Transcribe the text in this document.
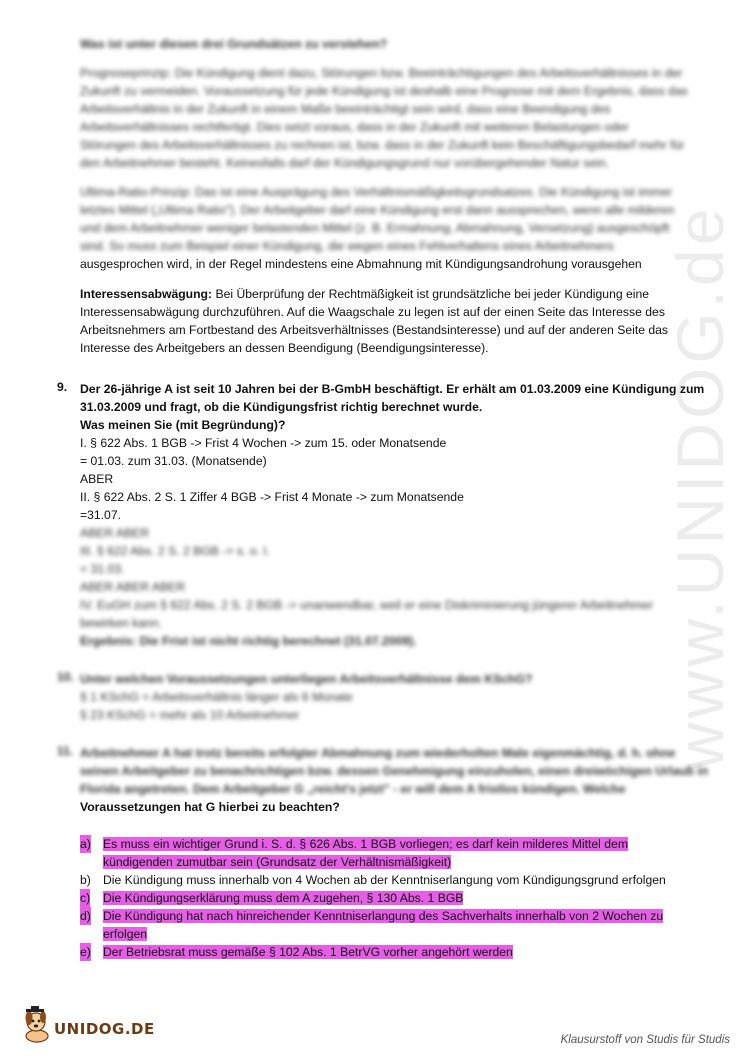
www.UNIDOG.de
Was ist unter diesen drei Grundsätzen zu verstehen?
Prognoseprinzip: Die Kündigung dient dazu, Störungen bzw. Beeinträchtigungen des Arbeitsverhältnisses in der
Zukunft zu vermeiden. Voraussetzung für jede Kündigung ist deshalb eine Prognose mit dem Ergebnis, dass das
Arbeitsverhältnis in der Zukunft in einem Maße beeinträchtigt sein wird, dass eine Beendigung des
Arbeitsverhältnisses rechtfertigt. Dies setzt voraus, dass in der Zukunft mit weiteren Belastungen oder
Störungen des Arbeitsverhältnisses zu rechnen ist, bzw. dass in der Zukunft kein Beschäftigungsbedarf mehr für
den Arbeitnehmer besteht. Keinesfalls darf der Kündigungsgrund nur vorübergehender Natur sein.
Ultima-Ratio-Prinzip: Das ist eine Ausprägung des Verhältnismäßigkeitsgrundsatzes. Die Kündigung ist immer
letztes Mittel („Ultima Ratio"). Der Arbeitgeber darf eine Kündigung erst dann aussprechen, wenn alle milderen
und dem Arbeitnehmer weniger belastenden Mittel (z. B. Ermahnung, Abmahnung, Versetzung) ausgeschöpft
sind. So muss zum Beispiel einer Kündigung, die wegen eines Fehlverhaltens eines Arbeitnehmers
ausgesprochen wird, in der Regel mindestens eine Abmahnung mit Kündigungsandrohung vorausgehen
Interessensabwägung: Bei Überprüfung der Rechtmäßigkeit ist grundsätzliche bei jeder Kündigung eine
Interessensabwägung durchzuführen. Auf die Waagschale zu legen ist auf der einen Seite das Interesse des
Arbeitsnehmers am Fortbestand des Arbeitsverhältnisses (Bestandsinteresse) und auf der anderen Seite das
Interesse des Arbeitgebers an dessen Beendigung (Beendigungsinteresse).
9. Der 26-jährige A ist seit 10 Jahren bei der B-GmbH beschäftigt. Er erhält am 01.03.2009 eine Kündigung zum
31.03.2009 und fragt, ob die Kündigungsfrist richtig berechnet wurde.
Was meinen Sie (mit Begründung)?
I. § 622 Abs. 1 BGB -> Frist 4 Wochen -> zum 15. oder Monatsende
= 01.03. zum 31.03. (Monatsende)
ABER
II. § 622 Abs. 2 S. 1 Ziffer 4 BGB -> Frist 4 Monate -> zum Monatsende
=31.07.
ABER ABER
III. § 622 Abs. 2 S. 2 BGB -> s. o. I.
= 31.03.
ABER ABER ABER
IV. EuGH zum § 622 Abs. 2 S. 2 BGB -> unanwendbar, weil er eine Diskriminierung jüngerer Arbeitnehmer
bewirken kann.
Ergebnis: Die Frist ist nicht richtig berechnet (31.07.2009).
10. Unter welchen Voraussetzungen unterliegen Arbeitsverhältnisse dem KSchG?
§ 1 KSchG = Arbeitsverhältnis länger als 6 Monate
§ 23 KSchG = mehr als 10 Arbeitnehmer
11. Arbeitnehmer A hat trotz bereits erfolgter Abmahnung zum wiederholten Male eigenmächtig, d. h. ohne
seinen Arbeitgeber zu benachrichtigen bzw. dessen Genehmigung einzuholen, einen dreiwöchigen Urlaub in
Florida angetreten. Dem Arbeitgeber G „reicht's jetzt" - er will dem A fristlos kündigen. Welche
Voraussetzungen hat G hierbei zu beachten?
a) Es muss ein wichtiger Grund i. S. d. § 626 Abs. 1 BGB vorliegen; es darf kein milderes Mittel dem
kündigenden zumutbar sein (Grundsatz der Verhältnismäßigkeit)
b) Die Kündigung muss innerhalb von 4 Wochen ab der Kenntniserlangung vom Kündigungsgrund erfolgen
c) Die Kündigungserklärung muss dem A zugehen, § 130 Abs. 1 BGB
d) Die Kündigung hat nach hinreichender Kenntniserlangung des Sachverhalts innerhalb von 2 Wochen zu
erfolgen
e) Der Betriebsrat muss gemäße § 102 Abs. 1 BetrVG vorher angehört werden
UNIDOG.DE
Klausurstoff von Studis für Studis
